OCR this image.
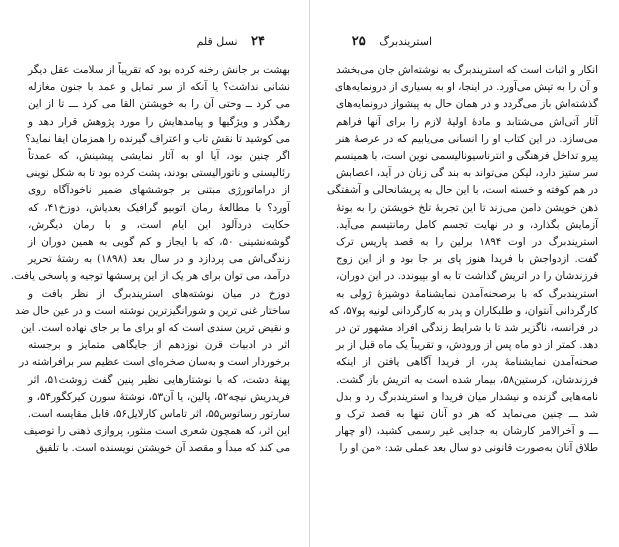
۲۴ نسل قلم
بهشت بر جانش رخنه کرده بود که تقریباً از سلامت عقل دیگر
نشانی نداشت؟ یا آنکه از سر تمایل و عمد با جنون مغازله
می کرد ــ وحتی آن را به خویشتن القا می کرد ـــ تا از این
رهگذر و ویژگیها و پیامدهایش را مورد پژوهش قرار دهد و
می کوشید تا نقش تاب و اعتراف گیرنده را همزمان ایفا نماید؟
اگر چنین بود، آیا او به آثار نمایشی پیشینش، که عمدتاً
رئالیستی و ناتورالیستی بودند، پشت کرده بود تا به شکل نوینی
از دراماتورژی مبتنی بر جوششهای ضمیر ناخودآگاه روی
آورد؟ با مطالعهٔ رمان اتوبیو گرافیک بعدیاش، دوزخ۴۱، که
حکایت دردآلود این ایام است، و با رمان دیگرش،
گوشه‌نشینی ۵۰، که با ایجاز و کم گویی به همین دوران از
زندگی‌اش می پردازد و در سال بعد (۱۸۹۸) به رشتهٔ تحریر
درآمد، می توان برای هر یک از این پرسشها توجیه و پاسخی یافت.
دوزخ در میان نوشته‌های استریندبرگ از نظر بافت و
ساختار غنی ترین و شورانگیزترین نوشته است و در عین حال ضد
و نقیض ترین سندی است که او برای ما بر جای نهاده است. این
اثر در ادبیات قرن نوزدهم از جایگاهی متمایز و برجسته
برخوردار است و به‌سان صخره‌ای است عظیم سر برافراشته در
پهنهٔ دشت، که با نوشتارهایی نظیر پنین گفت زوشت۵۱، اثر
فریدریش نیچه۵۲، پالین، یا آن۵۳، نوشتهٔ سورن کیرکگور۵۴، و
سارتور رساتوس۵۵، اثر تاماس کارلایل۵۶، قابل مقایسه است.
این اثر، که همچون شعری است منثور، پروازی ذهنی را توصیف
می کند که مبدأ و مقصد آن خویشتن نویسنده است. با تلفیق
استریندبرگ ۲۵
انکار و اثبات است که استریندبرگ به نوشته‌اش جان می‌بخشد
و آن را به تپش می‌آورد. در اینجا، او به بسیاری از درونمایه‌های
گذشته‌اش باز می‌گردد و در همان حال به پیشواز درونمایه‌های
آثار آتی‌اش می‌شتابد و مادهٔ اولیهٔ لازم را برای آنها فراهم
می‌سازد. در این کتاب او را انسانی می‌یابیم که در عرصهٔ هنر
پیرو تداخل فرهنگی و انترناسیونالیسمی نوین است، با همینسم
سر ستیز دارد، لیکن می‌تواند به بند گی زنان در آید، اعصابش
در هم کوفته و خسته است، با این حال به پریشانحالی و آشفتگی
ذهن خویشن دامن می‌زند تا این تجربهٔ تلخ خویشتن را به بوتهٔ
آزمایش بگذارد، و در نهایت تجسم کامل رمانتیسم می‌آید.
استریندبرگ در اوت ۱۸۹۴ برلین را به قصد پاریس ترک
گفت. ازدواجش با فریدا هنوز پای بر جا بود و از این زوج
فرزندشان را در اتریش گذاشت تا به او بپیوندد. در این دوران،
استریندبرگ که با برصحنه‌آمدن نمایشنامهٔ دوشیزهٔ ژولی به
کارگردانی آنتوان، و طلبکاران و پدر به کارگردانی لونیه پو۵۷، که
در فرانسه، ناگزیر شد تا با شرایط زندگی افراد مشهور تن در
دهد. کمتر از دو ماه پس از ورودش، و تقریباً یک ماه قبل از بر
صحنه‌آمدن نمایشنامهٔ پدر، از فریدا آگاهی یافتن از اینکه
فرزندشان، کرستین۵۸، بیمار شده است به اتریش باز گشت.
نامه‌هایی گزنده و نیشدار میان فریدا و استریندبرگ رد و بدل
شد ـــ چنین می‌نماید که هر دو آنان تنها به قصد ترک و
ـــ و آخرالامر کارشان به جدایی غیر رسمی کشید، (او چهار
طلاق آنان به‌صورت قانونی دو سال بعد عملی شد: «من او را
